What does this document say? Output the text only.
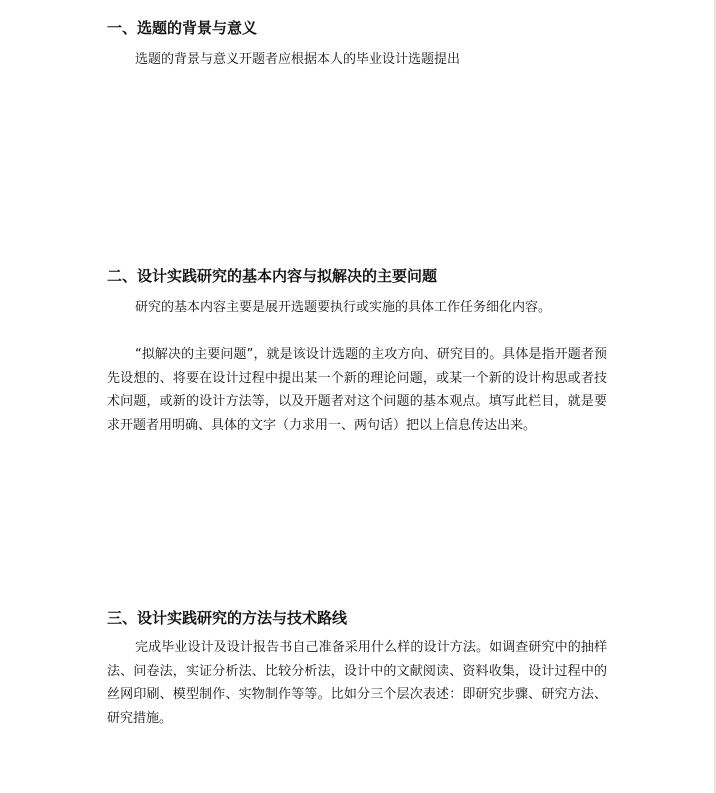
一、选题的背景与意义

选题的背景与意义开题者应根据本人的毕业设计选题提出

二、设计实践研究的基本内容与拟解决的主要问题

研究的基本内容主要是展开选题要执行或实施的具体工作任务细化内容。

“拟解决的主要问题”，就是该设计选题的主攻方向、研究目的。具体是指开题者预先设想的、将要在设计过程中提出某一个新的理论问题，或某一个新的设计构思或者技术问题，或新的设计方法等，以及开题者对这个问题的基本观点。填写此栏目，就是要求开题者用明确、具体的文字（力求用一、两句话）把以上信息传达出来。

三、设计实践研究的方法与技术路线

完成毕业设计及设计报告书自己准备采用什么样的设计方法。如调查研究中的抽样法、问卷法，实证分析法、比较分析法，设计中的文献阅读、资料收集，设计过程中的丝网印刷、模型制作、实物制作等等。比如分三个层次表述：即研究步骤、研究方法、研究措施。
